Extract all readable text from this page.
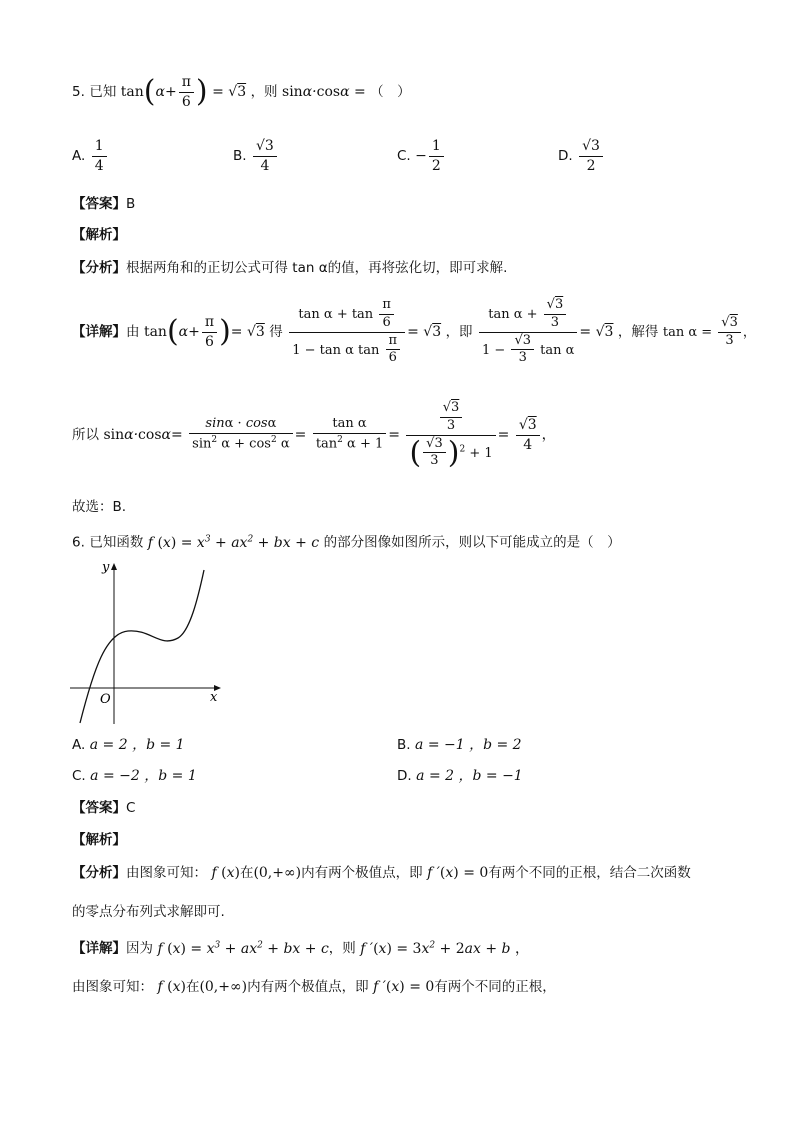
5. 已知 $\tan(\alpha+ \frac{\pi}{6}$ ) = √3 ，则 sinα·cosα = （　）
A. $\frac{1}{4}$	B. $\frac{√3}{4}$	C. − $\frac{1}{2}$	D. $\frac{√3}{2}$
【答案】B
【解析】
【分析】根据两角和的正切公式可得 tan α的值，再将弦化切，即可求解.
【详解】由 $\tan(\alpha+ \frac{\pi}{6}$ )= √3 得 $\frac{\tan \alpha + \tan \frac{\pi}{6}}{1 - \tan \alpha \tan \frac{\pi}{6}} = √3$ ，即 $\frac{\tan \alpha + \frac{√3}{3}}{1 - \frac{√3}{3} \tan \alpha} = √3$ ，解得 $\tan \alpha = \frac{√3}{3}$ ，
所以 $\sin\alpha\cdot\cos\alpha= \frac{\sin\alpha \cdot \cos\alpha}{\sin^2 \alpha + \cos^2 \alpha} = \frac{\text{tan α}}{\tan^2 \alpha + 1} = \frac{\frac{√3}{3}}{( \frac{√3}{3} )^2 + 1} = \frac{√3}{4}$ ，
故选：B.
6. 已知函数 f $(x) = x^3 + ax^2$ + bx + c 的部分图像如图所示，则以下可能成立的是（　）
y
x
O
A. a = 2 ，b = 1	B. a = −1 ，b = 2
C. a = −2 ，b = 1	D. a = 2 ，b = −1
【答案】C
【解析】
【分析】由图象可知： f (x)在(0,+∞)内有两个极值点，即 f ′(x) = 0有两个不同的正根，结合二次函数
的零点分布列式求解即可.
【详解】因为 f $(x) = x^3 + ax^2$ + bx + c，则 f $'(x) = 3x^2 + 2ax + b$ ，
由图象可知： f (x)在(0,+∞)内有两个极值点，即 f ′(x) = 0有两个不同的正根，
